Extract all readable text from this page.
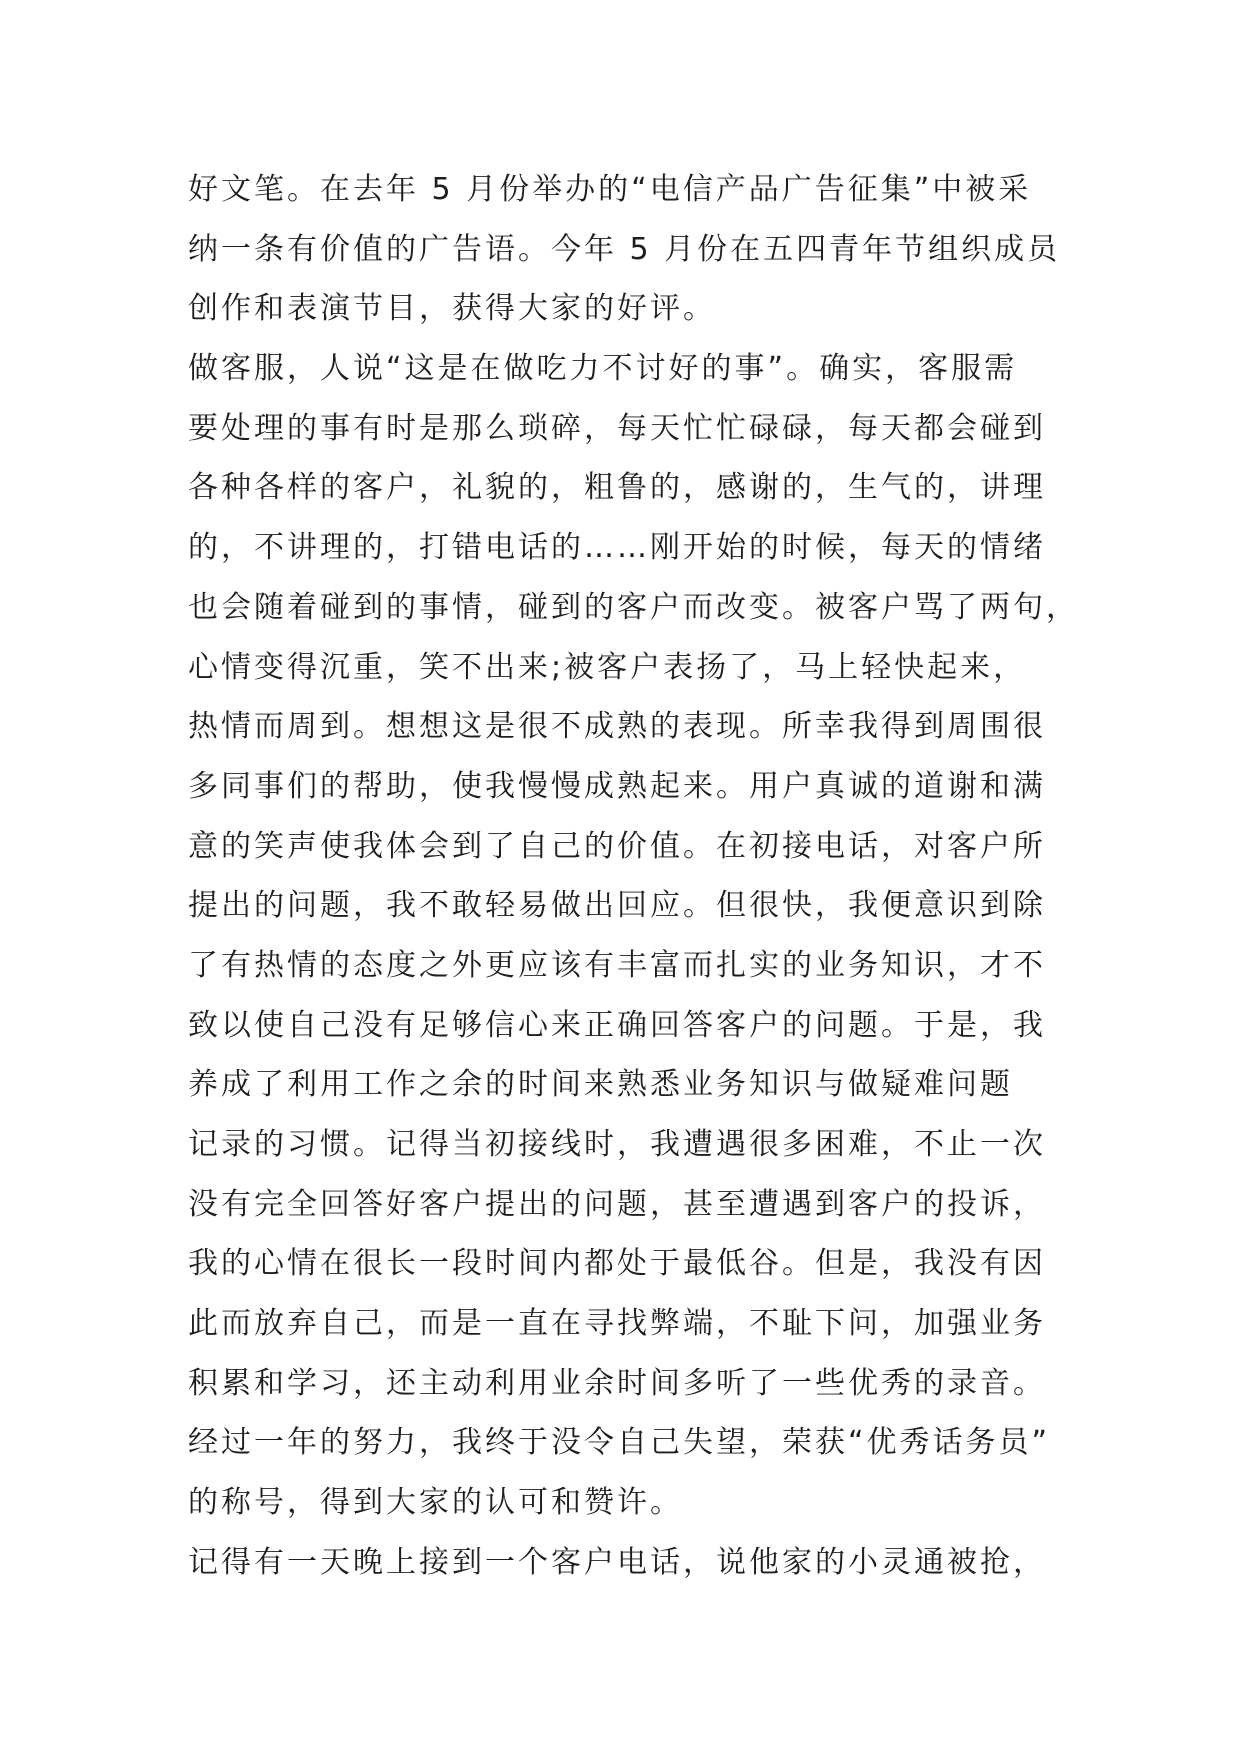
好文笔。在去年 5 月份举办的“电信产品广告征集”中被采
纳一条有价值的广告语。今年 5 月份在五四青年节组织成员
创作和表演节目，获得大家的好评。
做客服，人说“这是在做吃力不讨好的事”。确实，客服需
要处理的事有时是那么琐碎，每天忙忙碌碌，每天都会碰到
各种各样的客户，礼貌的，粗鲁的，感谢的，生气的，讲理
的，不讲理的，打错电话的……刚开始的时候，每天的情绪
也会随着碰到的事情，碰到的客户而改变。被客户骂了两句，
心情变得沉重，笑不出来;被客户表扬了，马上轻快起来，
热情而周到。想想这是很不成熟的表现。所幸我得到周围很
多同事们的帮助，使我慢慢成熟起来。用户真诚的道谢和满
意的笑声使我体会到了自己的价值。在初接电话，对客户所
提出的问题，我不敢轻易做出回应。但很快，我便意识到除
了有热情的态度之外更应该有丰富而扎实的业务知识，才不
致以使自己没有足够信心来正确回答客户的问题。于是，我
养成了利用工作之余的时间来熟悉业务知识与做疑难问题
记录的习惯。记得当初接线时，我遭遇很多困难，不止一次
没有完全回答好客户提出的问题，甚至遭遇到客户的投诉，
我的心情在很长一段时间内都处于最低谷。但是，我没有因
此而放弃自己，而是一直在寻找弊端，不耻下问，加强业务
积累和学习，还主动利用业余时间多听了一些优秀的录音。
经过一年的努力，我终于没令自己失望，荣获“优秀话务员”
的称号，得到大家的认可和赞许。
记得有一天晚上接到一个客户电话，说他家的小灵通被抢，
